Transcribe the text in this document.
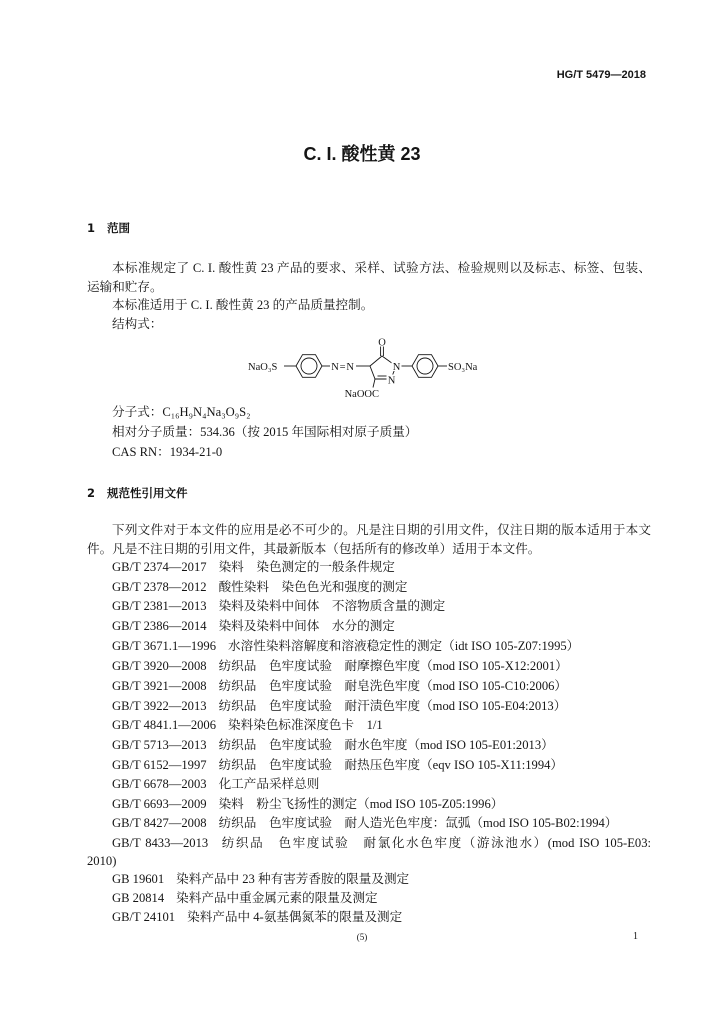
HG/T 5479—2018
C. I. 酸性黄 23
1 范围
本标准规定了 C. I. 酸性黄 23 产品的要求、采样、试验方法、检验规则以及标志、标签、包装、
运输和贮存。
本标准适用于 C. I. 酸性黄 23 的产品质量控制。
结构式：
NaO₃S	N=N
O
N
N
SO₃Na
NaOOC
分子式：C₁₆H₉N₄Na₃O₉S₂
相对分子质量：534.36（按 2015 年国际相对原子质量）
CAS RN：1934-21-0
2 规范性引用文件
下列文件对于本文件的应用是必不可少的。凡是注日期的引用文件，仅注日期的版本适用于本文
件。凡是不注日期的引用文件，其最新版本（包括所有的修改单）适用于本文件。
GB/T 2374—2017 染料　染色测定的一般条件规定
GB/T 2378—2012 酸性染料　染色色光和强度的测定
GB/T 2381—2013 染料及染料中间体　不溶物质含量的测定
GB/T 2386—2014 染料及染料中间体　水分的测定
GB/T 3671.1—1996 水溶性染料溶解度和溶液稳定性的测定（idt ISO 105-Z07:1995）
GB/T 3920—2008 纺织品　色牢度试验　耐摩擦色牢度（mod ISO 105-X12:2001）
GB/T 3921—2008 纺织品　色牢度试验　耐皂洗色牢度（mod ISO 105-C10:2006）
GB/T 3922—2013 纺织品　色牢度试验　耐汗渍色牢度（mod ISO 105-E04:2013）
GB/T 4841.1—2006 染料染色标准深度色卡　1/1
GB/T 5713—2013 纺织品　色牢度试验　耐水色牢度（mod ISO 105-E01:2013）
GB/T 6152—1997 纺织品　色牢度试验　耐热压色牢度（eqv ISO 105-X11:1994）
GB/T 6678—2003 化工产品采样总则
GB/T 6693—2009 染料　粉尘飞扬性的测定（mod ISO 105-Z05:1996）
GB/T 8427—2008 纺织品　色牢度试验　耐人造光色牢度：氙弧（mod ISO 105-B02:1994）
GB/T 8433—2013 纺织品　色牢度试验　耐氯化水色牢度（游泳池水）(mod ISO 105-E03:
2010)
GB 19601 染料产品中 23 种有害芳香胺的限量及测定
GB 20814 染料产品中重金属元素的限量及测定
GB/T 24101 染料产品中 4-氨基偶氮苯的限量及测定
(5)	1
